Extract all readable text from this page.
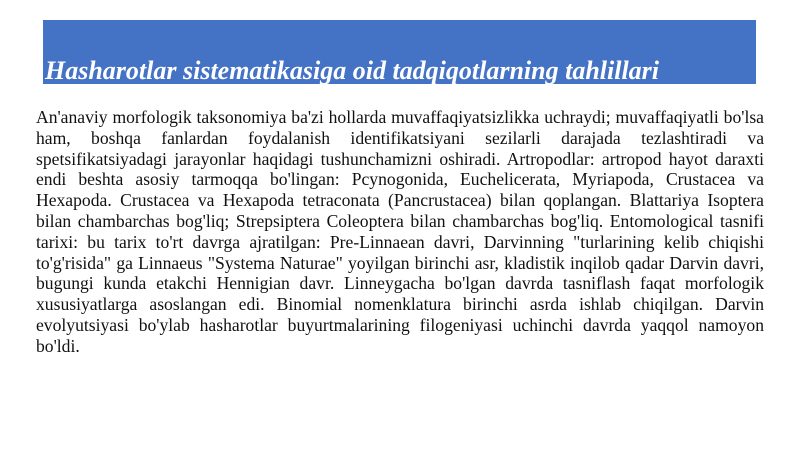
Hasharotlar sistematikasiga oid tadqiqotlarning tahlillari

An'anaviy morfologik taksonomiya ba'zi hollarda muvaffaqiyatsizlikka uchraydi; muvaffaqiyatli bo'lsa ham, boshqa fanlardan foydalanish identifikatsiyani sezilarli darajada tezlashtiradi va spetsifikatsiyadagi jarayonlar haqidagi tushunchamizni oshiradi. Artropodlar: artropod hayot daraxti endi beshta asosiy tarmoqqa bo'lingan: Pcynogonida, Euchelicerata, Myriapoda, Crustacea va Hexapoda. Crustacea va Hexapoda tetraconata (Pancrustacea) bilan qoplangan. Blattariya Isoptera bilan chambarchas bog'liq; Strepsiptera Coleoptera bilan chambarchas bog'liq. Entomological tasnifi tarixi: bu tarix to'rt davrga ajratilgan: Pre-Linnaean davri, Darvinning "turlarining kelib chiqishi to'g'risida" ga Linnaeus "Systema Naturae" yoyilgan birinchi asr, kladistik inqilob qadar Darvin davri, bugungi kunda etakchi Hennigian davr. Linneygacha bo'lgan davrda tasniflash faqat morfologik xususiyatlarga asoslangan edi. Binomial nomenklatura birinchi asrda ishlab chiqilgan. Darvin evolyutsiyasi bo'ylab hasharotlar buyurtmalarining filogeniyasi uchinchi davrda yaqqol namoyon bo'ldi.
